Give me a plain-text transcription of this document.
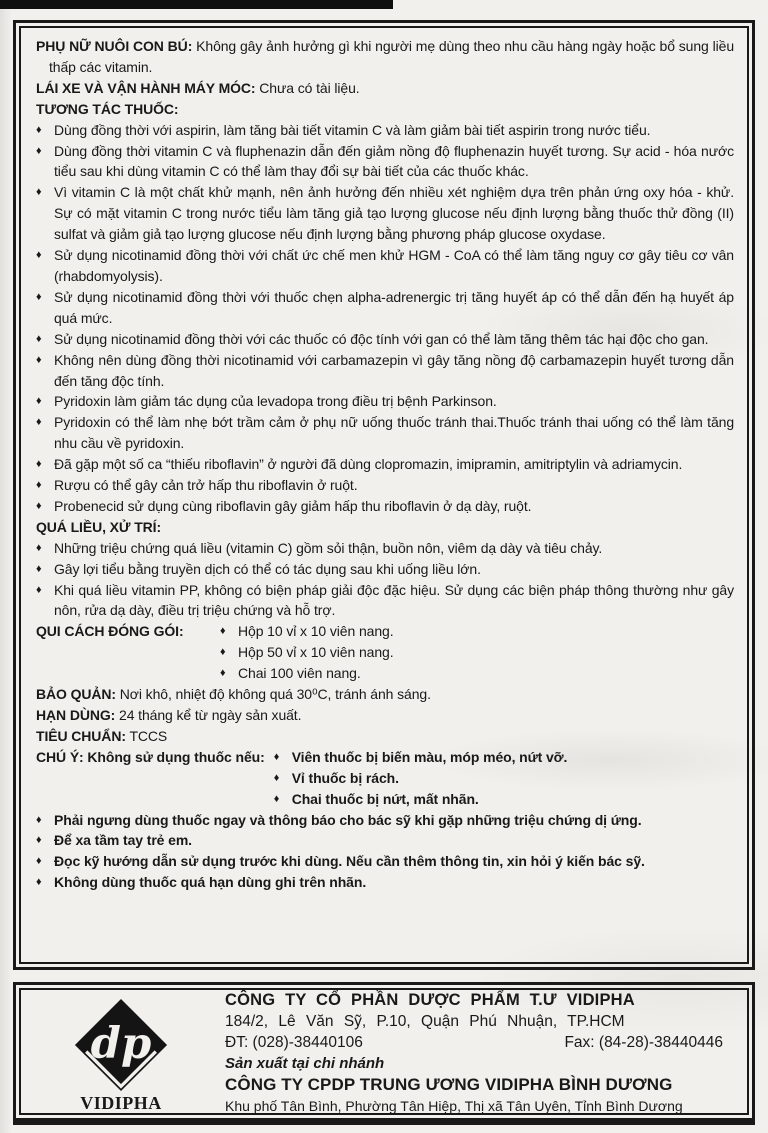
PHỤ NỮ NUÔI CON BÚ: Không gây ảnh hưởng gì khi người mẹ dùng theo nhu cầu hàng ngày hoặc bổ sung liều thấp các vitamin.

LÁI XE VÀ VẬN HÀNH MÁY MÓC: Chưa có tài liệu.

TƯƠNG TÁC THUỐC:

♦ Dùng đồng thời với aspirin, làm tăng bài tiết vitamin C và làm giảm bài tiết aspirin trong nước tiểu.
♦ Dùng đồng thời vitamin C và fluphenazin dẫn đến giảm nồng độ fluphenazin huyết tương. Sự acid - hóa nước tiểu sau khi dùng vitamin C có thể làm thay đổi sự bài tiết của các thuốc khác.
♦ Vì vitamin C là một chất khử mạnh, nên ảnh hưởng đến nhiều xét nghiệm dựa trên phản ứng oxy hóa - khử. Sự có mặt vitamin C trong nước tiểu làm tăng giả tạo lượng glucose nếu định lượng bằng thuốc thử đồng (II) sulfat và giảm giả tạo lượng glucose nếu định lượng bằng phương pháp glucose oxydase.
♦ Sử dụng nicotinamid đồng thời với chất ức chế men khử HGM - CoA có thể làm tăng nguy cơ gây tiêu cơ vân (rhabdomyolysis).
♦ Sử dụng nicotinamid đồng thời với thuốc chẹn alpha-adrenergic trị tăng huyết áp có thể dẫn đến hạ huyết áp quá mức.
♦ Sử dụng nicotinamid đồng thời với các thuốc có độc tính với gan có thể làm tăng thêm tác hại độc cho gan.
♦ Không nên dùng đồng thời nicotinamid với carbamazepin vì gây tăng nồng độ carbamazepin huyết tương dẫn đến tăng độc tính.
♦ Pyridoxin làm giảm tác dụng của levadopa trong điều trị bệnh Parkinson.
♦ Pyridoxin có thể làm nhẹ bớt trầm cảm ở phụ nữ uống thuốc tránh thai.Thuốc tránh thai uống có thể làm tăng nhu cầu về pyridoxin.
♦ Đã gặp một số ca “thiếu riboflavin” ở người đã dùng clopromazin, imipramin, amitriptylin và adriamycin.
♦ Rượu có thể gây cản trở hấp thu riboflavin ở ruột.
♦ Probenecid sử dụng cùng riboflavin gây giảm hấp thu riboflavin ở dạ dày, ruột.

QUÁ LIỀU, XỬ TRÍ:

♦ Những triệu chứng quá liều (vitamin C) gồm sỏi thận, buồn nôn, viêm dạ dày và tiêu chảy.
♦ Gây lợi tiểu bằng truyền dịch có thể có tác dụng sau khi uống liều lớn.
♦ Khi quá liều vitamin PP, không có biện pháp giải độc đặc hiệu. Sử dụng các biện pháp thông thường như gây nôn, rửa dạ dày, điều trị triệu chứng và hỗ trợ.
QUI CÁCH ĐÓNG GÓI:	♦ Hộp 10 vỉ x 10 viên nang.
♦ Hộp 50 vỉ x 10 viên nang.
♦ Chai 100 viên nang.

BẢO QUẢN: Nơi khô, nhiệt độ không quá 30⁰C, tránh ánh sáng.

HẠN DÙNG: 24 tháng kể từ ngày sản xuất.

TIÊU CHUẨN: TCCS

CHÚ Ý: Không sử dụng thuốc nếu: ♦ Viên thuốc bị biến màu, móp méo, nứt vỡ.
♦ Vỉ thuốc bị rách.
♦ Chai thuốc bị nứt, mất nhãn.
♦ Phải ngưng dùng thuốc ngay và thông báo cho bác sỹ khi gặp những triệu chứng dị ứng.
♦ Để xa tầm tay trẻ em.
♦ Đọc kỹ hướng dẫn sử dụng trước khi dùng. Nếu cần thêm thông tin, xin hỏi ý kiến bác sỹ.
♦ Không dùng thuốc quá hạn dùng ghi trên nhãn.
dp
VIDIPHA

CÔNG TY CỔ PHẦN DƯỢC PHẨM T.Ư VIDIPHA

184/2, Lê Văn Sỹ, P.10, Quận Phú Nhuận, TP.HCM

ĐT: (028)-38440106	Fax: (84-28)-38440446

Sản xuất tại chi nhánh

CÔNG TY CPDP TRUNG ƯƠNG VIDIPHA BÌNH DƯƠNG

Khu phố Tân Bình, Phường Tân Hiệp, Thị xã Tân Uyên, Tỉnh Bình Dương
